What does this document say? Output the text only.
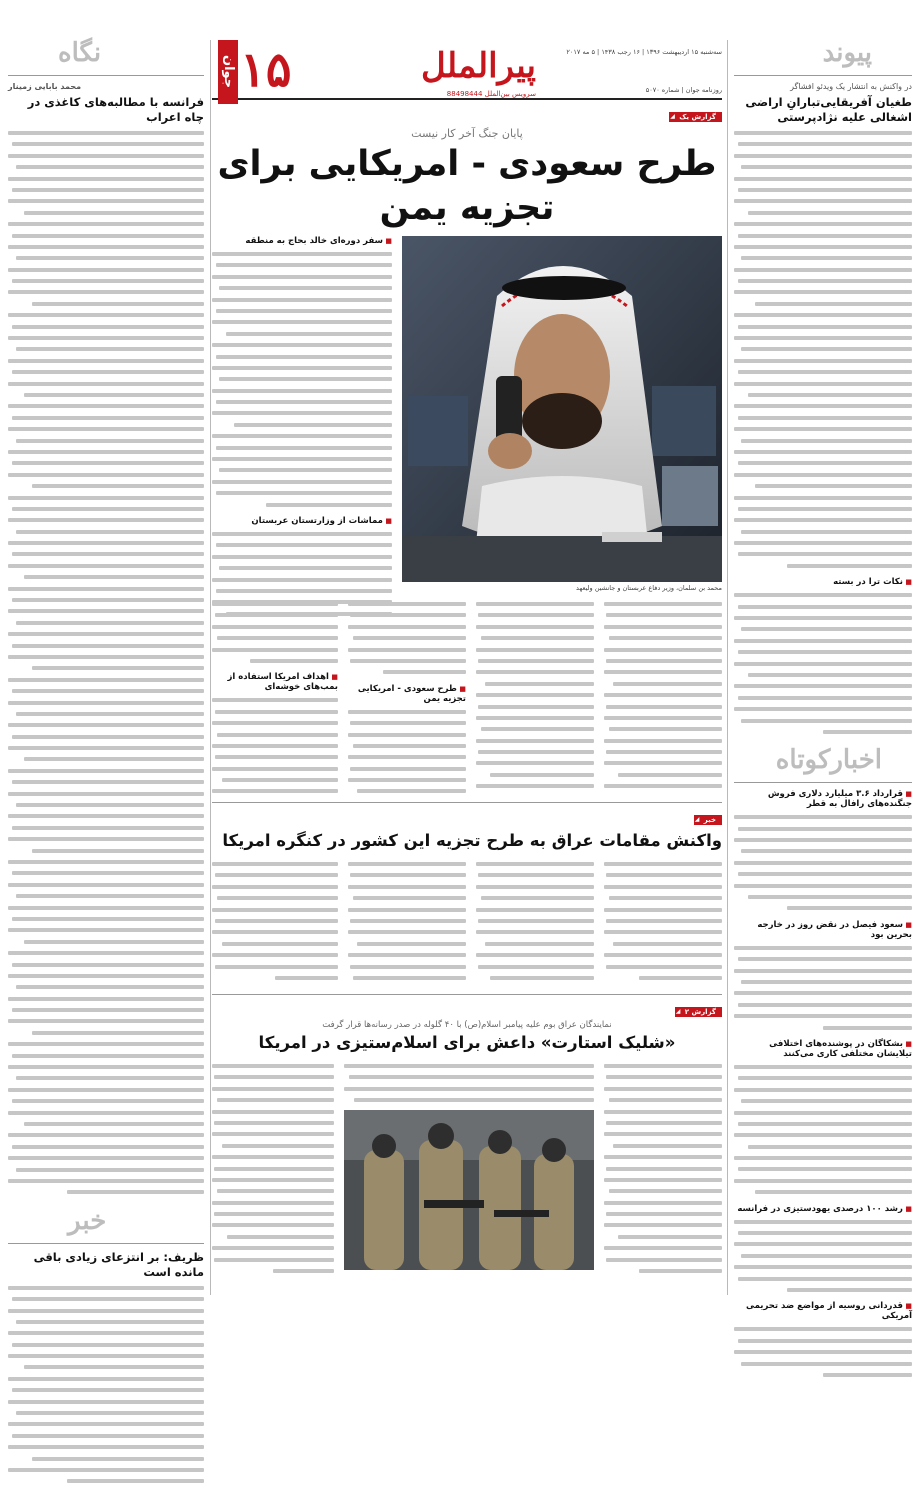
پیوند
در واکنش به انتشار یک ویدئو افشاگر
طغیان آفریقایی‌تبارانِ اراضی اشغالی علیه نژادپرستی
■ نکات ترا در بسته
اخبارکوتاه
■ قرارداد ۳.۶ میلیارد دلاری فروش جنگنده‌های رافال به قطر
■ سعود فیصل در نقض روز در خارجه بحرین بود
■ بشکاگان در پوشنده‌های اختلافی تیلایشان مختلفی کاری می‌کنند
■ رشد ۱۰۰ درصدی یهودستیزی در فرانسه
■ قدردانی روسیه از مواضع ضد تحریمی آمریکی
سه‌شنبه ۱۵ اردیبهشت ۱۳۹۶ | ۱۶ رجب ۱۴۳۸ | ۵ مه ۲۰۱۷
روزنامه جوان | شماره ۵۰۷۰
پیرالملل
سرویس بین‌الملل 88498444
جوان ۱۵
گزارش یک ◢
پایان جنگ آخر کار نیست
طرح سعودی - امریکایی برای تجزیه یمن
محمد بن سلمان، وزیر دفاع عربستان و جانشین ولیعهد
■ سفر دوره‌ای خالد بحاج به منطقه
■ مماشات از وزارتستان عربستان
■ طرح سعودی - امریکایی تجزیه یمن
■ اهداف امریکا استفاده از بمب‌های خوشه‌ای
خبر ◢
واکنش مقامات عراق به طرح تجزیه این کشور در کنگره امریکا
گزارش ۲ ◢
نمایندگان عراق بوم علیه پیامبر اسلام(ص) با ۴۰ گلوله در صدر رسانه‌ها قرار گرفت
«شلیک استارت» داعش برای اسلام‌ستیزی در امریکا
نگاه
محمد بابایی زمینار
فرانسه با مطالبه‌های کاغذی در چاه اعراب
خبر
ظریف: بر انتزعای زیادی باقی مانده است
